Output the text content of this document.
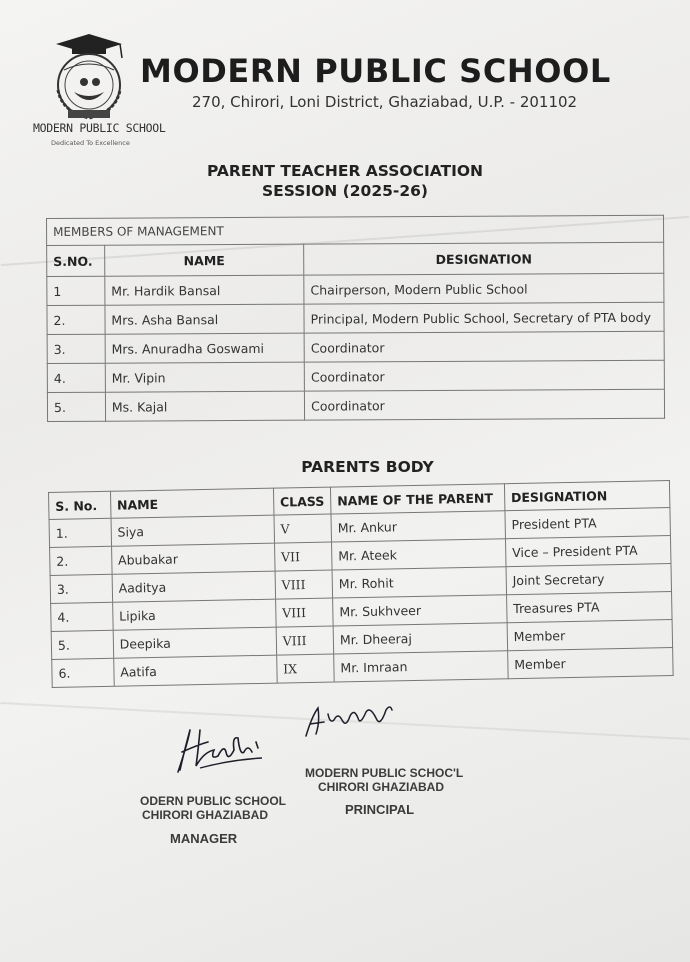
MODERN PUBLIC SCHOOL
Dedicated To Excellence
MODERN PUBLIC SCHOOL
270, Chirori, Loni District, Ghaziabad, U.P. - 201102
PARENT TEACHER ASSOCIATION
SESSION (2025-26)
MEMBERS OF MANAGEMENT		
S.NO.	NAME	DESIGNATION
1	Mr. Hardik Bansal	Chairperson, Modern Public School
2.	Mrs. Asha Bansal	Principal, Modern Public School, Secretary of PTA body
3.	Mrs. Anuradha Goswami	Coordinator
4.	Mr. Vipin	Coordinator
5.	Ms. Kajal	Coordinator
PARENTS BODY
S. No.	NAME	CLASS	NAME OF THE PARENT	DESIGNATION
1.	Siya	V	Mr. Ankur	President PTA
2.	Abubakar	VII	Mr. Ateek	Vice – President PTA
3.	Aaditya	VIII	Mr. Rohit	Joint Secretary
4.	Lipika	VIII	Mr. Sukhveer	Treasures PTA
5.	Deepika	VIII	Mr. Dheeraj	Member
6.	Aatifa	IX	Mr. Imraan	Member
ODERN PUBLIC SCHOOL
CHIRORI GHAZIABAD
MANAGER
MODERN PUBLIC SCHOC'L
CHIRORI GHAZIABAD
PRINCIPAL
